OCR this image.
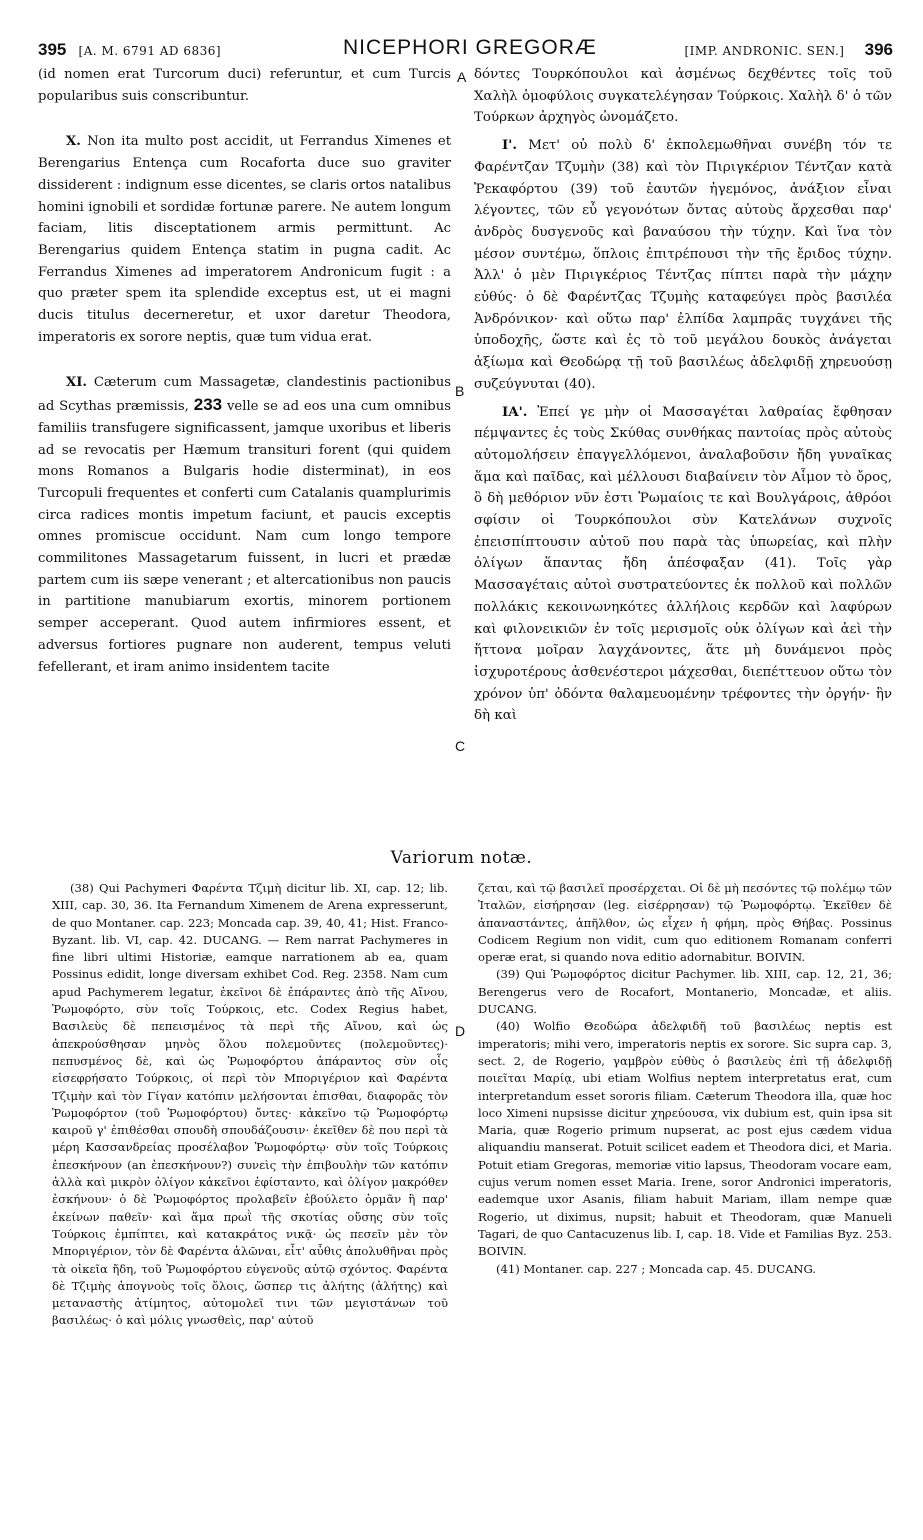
395 [A. M. 6791 AD 6836]	NICEPHORI GREGORÆ	[IMP. ANDRONIC. SEN.] 396
A
B
C
D

(id nomen erat Turcorum duci) referuntur, et cum Turcis popularibus suis conscribuntur.

X. Non ita multo post accidit, ut Ferrandus Ximenes et Berengarius Entença cum Rocaforta duce suo graviter dissiderent : indignum esse dicentes, se claris ortos natalibus homini ignobili et sordidæ fortunæ parere. Ne autem longum faciam, litis disceptationem armis permittunt. Ac Berengarius quidem Entença statim in pugna cadit. Ac Ferrandus Ximenes ad imperatorem Andronicum fugit : a quo præter spem ita splendide exceptus est, ut ei magni ducis titulus decerneretur, et uxor daretur Theodora, imperatoris ex sorore neptis, quæ tum vidua erat.

XI. Cæterum cum Massagetæ, clandestinis pactionibus ad Scythas præmissis, 233 velle se ad eos una cum omnibus familiis transfugere significassent, jamque uxoribus et liberis ad se revocatis per Hæmum transituri forent (qui quidem mons Romanos a Bulgaris hodie disterminat), in eos Turcopuli frequentes et conferti cum Catalanis quamplurimis circa radices montis impetum faciunt, et paucis exceptis omnes promiscue occidunt. Nam cum longo tempore commilitones Massagetarum fuissent, in lucri et prædæ partem cum iis sæpe venerant ; et altercationibus non paucis in partitione manubiarum exortis, minorem portionem semper acceperant. Quod autem infirmiores essent, et adversus fortiores pugnare non auderent, tempus veluti fefellerant, et iram animo insidentem tacite

δόντες Τουρκόπουλοι καὶ ἀσμένως δεχθέντες τοῖς τοῦ Χαλὴλ ὁμοφύλοις συγκατελέγησαν Τούρκοις. Χαλὴλ δ' ὁ τῶν Τούρκων ἀρχηγὸς ὠνομάζετο.

Ι'. Μετ' οὐ πολὺ δ' ἐκπολεμωθῆναι συνέβη τόν τε Φαρέντζαν Τζυμὴν (38) καὶ τὸν Πιριγκέριον Τέντζαν κατὰ Ῥεκαφόρτου (39) τοῦ ἑαυτῶν ἡγεμόνος, ἀνάξιον εἶναι λέγοντες, τῶν εὖ γεγονότων ὄντας αὐτοὺς ἄρχεσθαι παρ' ἀνδρὸς δυσγενοῦς καὶ βαναύσου τὴν τύχην. Καὶ ἵνα τὸν μέσον συντέμω, ὅπλοις ἐπιτρέπουσι τὴν τῆς ἔριδος τύχην. Ἀλλ' ὁ μὲν Πιριγκέριος Τέντζας πίπτει παρὰ τὴν μάχην εὐθύς· ὁ δὲ Φαρέντζας Τζυμὴς καταφεύγει πρὸς βασιλέα Ἀνδρόνικον· καὶ οὕτω παρ' ἐλπίδα λαμπρᾶς τυγχάνει τῆς ὑποδοχῆς, ὥστε καὶ ἐς τὸ τοῦ μεγάλου δουκὸς ἀνάγεται ἀξίωμα καὶ Θεοδώρᾳ τῇ τοῦ βασιλέως ἀδελφιδῇ χηρευούσῃ συζεύγνυται (40).

ΙΑ'. Ἐπεί γε μὴν οἱ Μασσαγέται λαθραίας ἔφθησαν πέμψαντες ἐς τοὺς Σκύθας συνθήκας παντοίας πρὸς αὐτοὺς αὐτομολήσειν ἐπαγγελλόμενοι, ἀναλαβοῦσιν ἤδη γυναῖκας ἅμα καὶ παῖδας, καὶ μέλλουσι διαβαίνειν τὸν Αἷμον τὸ ὄρος, ὃ δὴ μεθόριον νῦν ἐστι Ῥωμαίοις τε καὶ Βουλγάροις, ἀθρόοι σφίσιν οἱ Τουρκόπουλοι σὺν Κατελάνων συχνοῖς ἐπεισπίπτουσιν αὐτοῦ που παρὰ τὰς ὑπωρείας, καὶ πλὴν ὀλίγων ἅπαντας ἤδη ἀπέσφαξαν (41). Τοῖς γὰρ Μασσαγέταις αὐτοὶ συστρατεύοντες ἐκ πολλοῦ καὶ πολλῶν πολλάκις κεκοινωνηκότες ἀλλήλοις κερδῶν καὶ λαφύρων καὶ φιλονεικιῶν ἐν τοῖς μερισμοῖς οὐκ ὀλίγων καὶ ἀεὶ τὴν ἥττονα μοῖραν λαγχάνοντες, ἅτε μὴ δυνάμενοι πρὸς ἰσχυροτέρους ἀσθενέστεροι μάχεσθαι, διεπέττευον οὕτω τὸν χρόνον ὑπ' ὀδόντα θαλαμευομένην τρέφοντες τὴν ὀργήν· ἣν δὴ καὶ

Variorum notæ.

(38) Qui Pachymeri Φαρέντα Τζιμὴ dicitur lib. XI, cap. 12; lib. XIII, cap. 30, 36. Ita Fernandum Ximenem de Arena expresserunt, de quo Montaner. cap. 223; Moncada cap. 39, 40, 41; Hist. Franco-Byzant. lib. VI, cap. 42. DUCANG. — Rem narrat Pachymeres in fine libri ultimi Historiæ, eamque narrationem ab ea, quam Possinus edidit, longe diversam exhibet Cod. Reg. 2358. Nam cum apud Pachymerem legatur, ἐκεῖνοι δὲ ἐπάραντες ἀπὸ τῆς Αἴνου, Ῥωμοφόρτο, σὺν τοῖς Τούρκοις, etc. Codex Regius habet, Βασιλεὺς δὲ πεπεισμένος τὰ περὶ τῆς Αἴνου, καὶ ὡς ἀπεκρούσθησαν μηνὸς ὅλου πολεμοῦντες (πολεμοῦντες)· πεπυσμένος δὲ, καὶ ὡς Ῥωμοφόρτου ἀπάραντος σὺν οἷς εἰσεφρήσατο Τούρκοις, οἱ περὶ τὸν Μποριγέριον καὶ Φαρέντα Τζιμὴν καὶ τὸν Γίγαν κατόπιν μελήσονται ἐπισθαι, διαφορᾶς τὸν Ῥωμοφόρτον (τοῦ Ῥωμοφόρτου) ὄντες· κἀκεῖνο τῷ Ῥωμοφόρτῳ καιροῦ γ' ἐπιθέσθαι σπουδὴ σπουδάζουσιν· ἐκεῖθεν δὲ που περὶ τὰ μέρη Κασσανδρείας προσέλαβον Ῥωμοφόρτῳ· σὺν τοῖς Τούρκοις ἐπεσκήνουν (an ἐπεσκήνουν?) συνεὶς τὴν ἐπιβουλὴν τῶν κατόπιν ἀλλὰ καὶ μικρὸν ὀλίγον κἀκεῖνοι ἐφίσταντο, καὶ ὀλίγον μακρόθεν ἐσκήνουν· ὁ δὲ Ῥωμοφόρτος προλαβεῖν ἐβούλετο ὁρμᾶν ἢ παρ' ἐκείνων παθεῖν· καὶ ἅμα πρωῒ τῆς σκοτίας οὔσης σὺν τοῖς Τούρκοις ἐμπίπτει, καὶ κατακράτος νικᾷ· ὡς πεσεῖν μὲν τὸν Μποριγέριον, τὸν δὲ Φαρέντα ἁλῶναι, εἶτ' αὖθις ἀπολυθῆναι πρὸς τὰ οἰκεῖα ἤδη, τοῦ Ῥωμοφόρτου εὐγενοῦς αὐτῷ σχόντος. Φαρέντα δὲ Τζιμὴς ἀπογνοὺς τοῖς ὅλοις, ὥσπερ τις ἀλήτης (ἀλήτης) καὶ μεταναστὴς ἀτίμητος, αὐτομολεῖ τινι τῶν μεγιστάνων τοῦ βασιλέως· ὁ καὶ μόλις γνωσθεὶς, παρ' αὐτοῦ

ζεται, καὶ τῷ βασιλεῖ προσέρχεται. Οἱ δὲ μὴ πεσόντες τῷ πολέμῳ τῶν Ἰταλῶν, εἰσήρησαν (leg. εἰσέρρησαν) τῷ Ῥωμοφόρτῳ. Ἐκεῖθεν δὲ ἀπαναστάντες, ἀπῆλθον, ὡς εἶχεν ἡ φήμη, πρὸς Θήβας. Possinus Codicem Regium non vidit, cum quo editionem Romanam conferri operæ erat, si quando nova editio adornabitur. BOIVIN.

(39) Qui Ῥωμοφόρτος dicitur Pachymer. lib. XIII, cap. 12, 21, 36; Berengerus vero de Rocafort, Montanerio, Moncadæ, et aliis. DUCANG.

(40) Wolfio Θεοδώρα ἀδελφιδῆ τοῦ βασιλέως neptis est imperatoris; mihi vero, imperatoris neptis ex sorore. Sic supra cap. 3, sect. 2, de Rogerio, γαμβρὸν εὐθὺς ὁ βασιλεὺς ἐπὶ τῇ ἀδελφιδῇ ποιεῖται Μαρίᾳ, ubi etiam Wolfius neptem interpretatus erat, cum interpretandum esset sororis filiam. Cæterum Theodora illa, quæ hoc loco Ximeni nupsisse dicitur χηρεύουσα, vix dubium est, quin ipsa sit Maria, quæ Rogerio primum nupserat, ac post ejus cædem vidua aliquandiu manserat. Potuit scilicet eadem et Theodora dici, et Maria. Potuit etiam Gregoras, memoriæ vitio lapsus, Theodoram vocare eam, cujus verum nomen esset Maria. Irene, soror Andronici imperatoris, eademque uxor Asanis, filiam habuit Mariam, illam nempe quæ Rogerio, ut diximus, nupsit; habuit et Theodoram, quæ Manueli Tagari, de quo Cantacuzenus lib. I, cap. 18. Vide et Familias Byz. 253. BOIVIN.

(41) Montaner. cap. 227 ; Moncada cap. 45. DUCANG.
